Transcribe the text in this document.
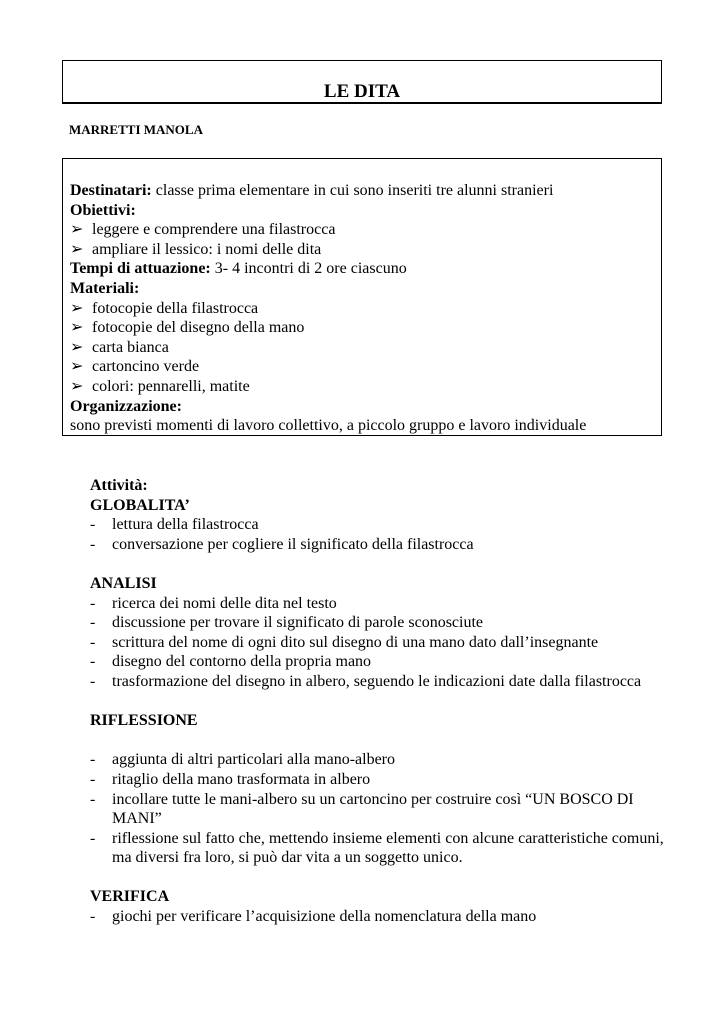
LE DITA
MARRETTI MANOLA
Destinatari: classe prima elementare in cui sono inseriti tre alunni stranieri
Obiettivi:
➢ leggere e comprendere una filastrocca
➢ ampliare il lessico: i nomi delle dita
Tempi di attuazione: 3- 4 incontri di 2 ore ciascuno
Materiali:
➢ fotocopie della filastrocca
➢ fotocopie del disegno della mano
➢ carta bianca
➢ cartoncino verde
➢ colori: pennarelli, matite
Organizzazione:
sono previsti momenti di lavoro collettivo, a piccolo gruppo e lavoro individuale
Attività:
GLOBALITA’
- lettura della filastrocca
- conversazione per cogliere il significato della filastrocca
ANALISI
- ricerca dei nomi delle dita nel testo
- discussione per trovare il significato di parole sconosciute
- scrittura del nome di ogni dito sul disegno di una mano dato dall’insegnante
- disegno del contorno della propria mano
- trasformazione del disegno in albero, seguendo le indicazioni date dalla filastrocca
RIFLESSIONE
- aggiunta di altri particolari alla mano-albero
- ritaglio della mano trasformata in albero
- incollare tutte le mani-albero su un cartoncino per costruire così “UN BOSCO DI MANI”
- riflessione sul fatto che, mettendo insieme elementi con alcune caratteristiche comuni, ma diversi fra loro, si può dar vita a un soggetto unico.
VERIFICA
- giochi per verificare l’acquisizione della nomenclatura della mano
